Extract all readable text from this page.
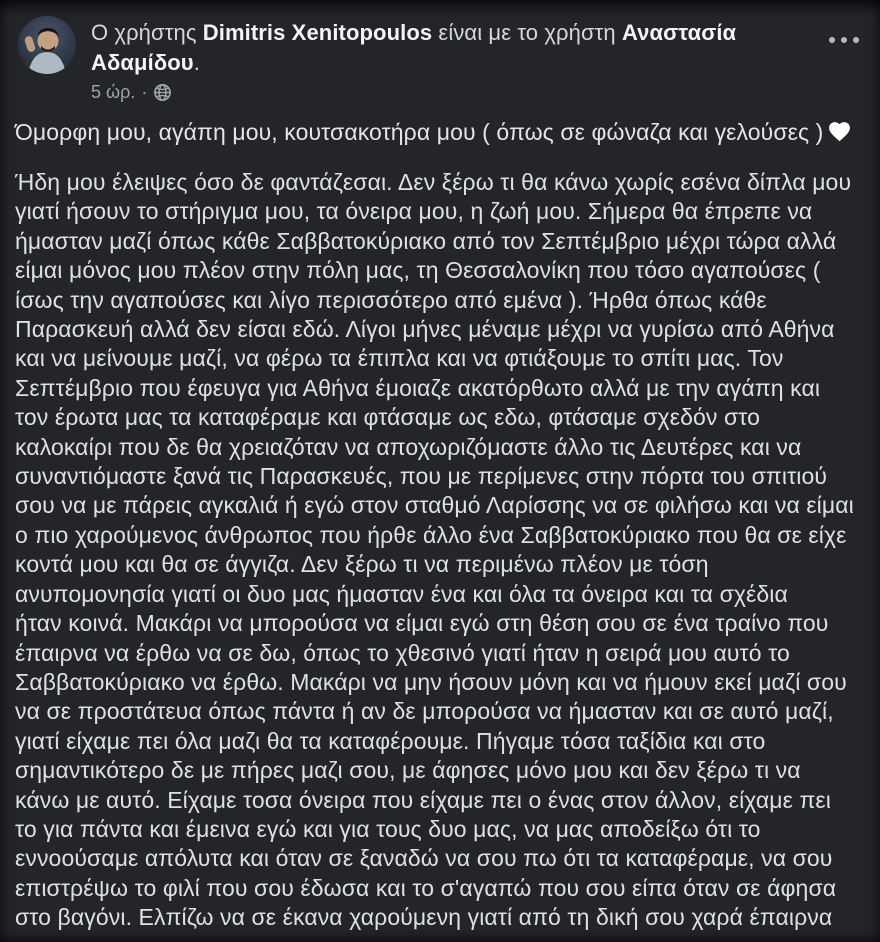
Ο χρήστης Dimitris Xenitopoulos είναι με το χρήστη Αναστασία Αδαμίδου.
5 ώρ. ·
Όμορφη μου, αγάπη μου, κουτσακοτήρα μου ( όπως σε φώναζα και γελούσες )
Ήδη μου έλειψες όσο δε φαντάζεσαι. Δεν ξέρω τι θα κάνω χωρίς εσένα δίπλα μου
γιατί ήσουν το στήριγμα μου, τα όνειρα μου, η ζωή μου. Σήμερα θα έπρεπε να
ήμασταν μαζί όπως κάθε Σαββατοκύριακο από τον Σεπτέμβριο μέχρι τώρα αλλά
είμαι μόνος μου πλέον στην πόλη μας, τη Θεσσαλονίκη που τόσο αγαπούσες (
ίσως την αγαπούσες και λίγο περισσότερο από εμένα ). Ήρθα όπως κάθε
Παρασκευή αλλά δεν είσαι εδώ. Λίγοι μήνες μέναμε μέχρι να γυρίσω από Αθήνα
και να μείνουμε μαζί, να φέρω τα έπιπλα και να φτιάξουμε το σπίτι μας. Τον
Σεπτέμβριο που έφευγα για Αθήνα έμοιαζε ακατόρθωτο αλλά με την αγάπη και
τον έρωτα μας τα καταφέραμε και φτάσαμε ως εδω, φτάσαμε σχεδόν στο
καλοκαίρι που δε θα χρειαζόταν να αποχωριζόμαστε άλλο τις Δευτέρες και να
συναντιόμαστε ξανά τις Παρασκευές, που με περίμενες στην πόρτα του σπιτιού
σου να με πάρεις αγκαλιά ή εγώ στον σταθμό Λαρίσσης να σε φιλήσω και να είμαι
ο πιο χαρούμενος άνθρωπος που ήρθε άλλο ένα Σαββατοκύριακο που θα σε είχε
κοντά μου και θα σε άγγιζα. Δεν ξέρω τι να περιμένω πλέον με τόση
ανυπομονησία γιατί οι δυο μας ήμασταν ένα και όλα τα όνειρα και τα σχέδια
ήταν κοινά. Μακάρι να μπορούσα να είμαι εγώ στη θέση σου σε ένα τραίνο που
έπαιρνα να έρθω να σε δω, όπως το χθεσινό γιατί ήταν η σειρά μου αυτό το
Σαββατοκύριακο να έρθω. Μακάρι να μην ήσουν μόνη και να ήμουν εκεί μαζί σου
να σε προστάτευα όπως πάντα ή αν δε μπορούσα να ήμασταν και σε αυτό μαζί,
γιατί είχαμε πει όλα μαζι θα τα καταφέρουμε. Πήγαμε τόσα ταξίδια και στο
σημαντικότερο δε με πήρες μαζι σου, με άφησες μόνο μου και δεν ξέρω τι να
κάνω με αυτό. Είχαμε τοσα όνειρα που είχαμε πει ο ένας στον άλλον, είχαμε πει
το για πάντα και έμεινα εγώ και για τους δυο μας, να μας αποδείξω ότι το
εννοούσαμε απόλυτα και όταν σε ξαναδώ να σου πω ότι τα καταφέραμε, να σου
επιστρέψω το φιλί που σου έδωσα και το σ'αγαπώ που σου είπα όταν σε άφησα
στο βαγόνι. Ελπίζω να σε έκανα χαρούμενη γιατί από τη δική σου χαρά έπαιρνα
